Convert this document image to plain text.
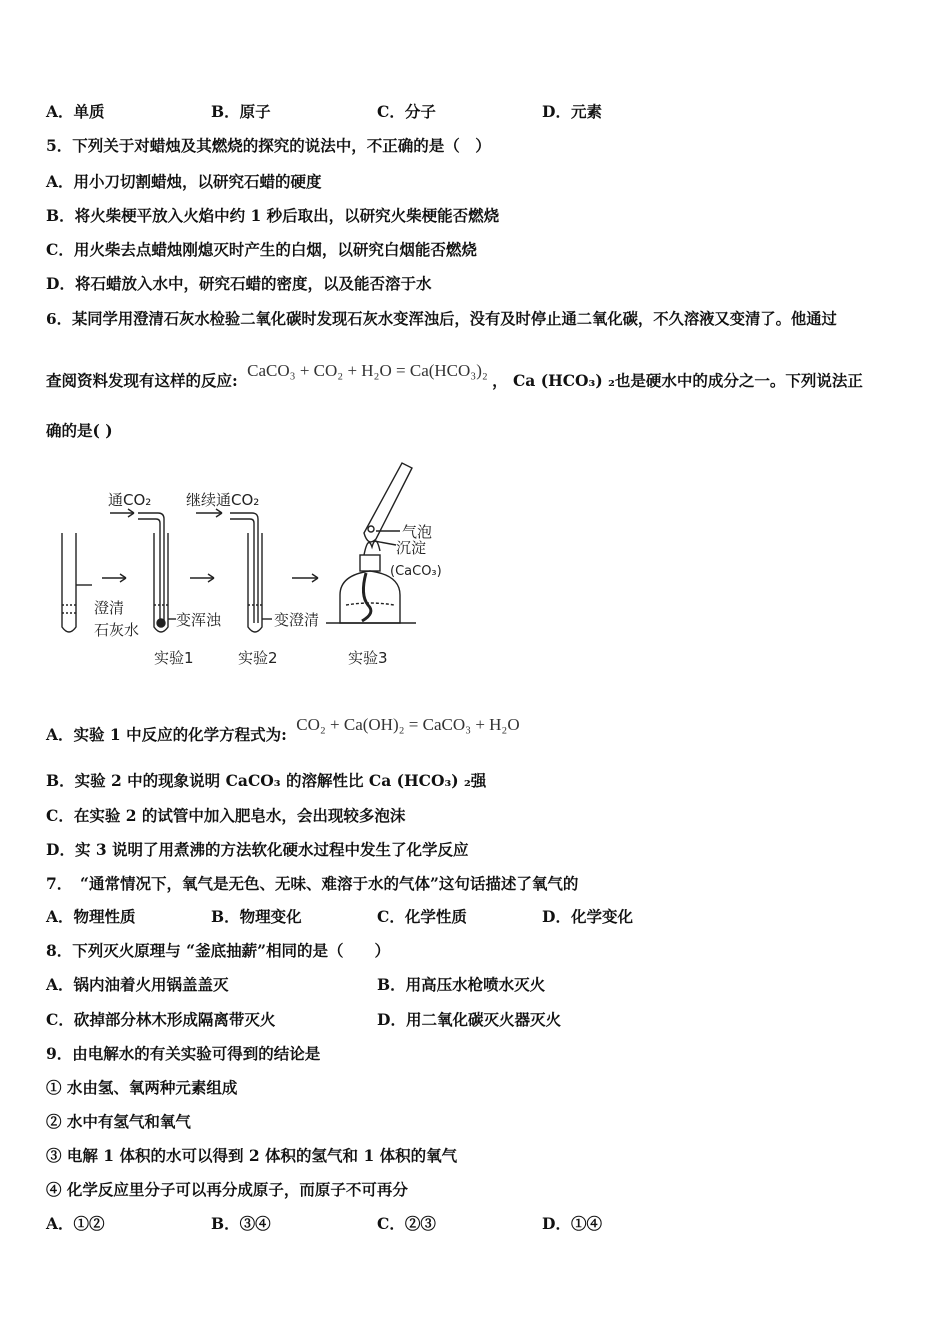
A．单质	B．原子	C．分子	D．元素
5．下列关于对蜡烛及其燃烧的探究的说法中，不正确的是（　）
A．用小刀切割蜡烛，以研究石蜡的硬度
B．将火柴梗平放入火焰中约 1 秒后取出，以研究火柴梗能否燃烧
C．用火柴去点蜡烛刚熄灭时产生的白烟，以研究白烟能否燃烧
D．将石蜡放入水中，研究石蜡的密度，以及能否溶于水
6．某同学用澄清石灰水检验二氧化碳时发现石灰水变浑浊后，没有及时停止通二氧化碳，不久溶液又变清了。他通过
查阅资料发现有这样的反应: CaCO₃ + CO₂ + H₂O = Ca(HCO₃)₂ ， Ca (HCO₃) ₂也是硬水中的成分之一。下列说法正
确的是( )
通CO₂ 继续通CO₂
澄清
石灰水
变浑浊	变澄清
气泡
沉淀
(CaCO₃)
实验1	实验2	实验3
A．实验 1 中反应的化学方程式为: CO₂ + Ca(OH)₂ = CaCO₃ + H₂O
B．实验 2 中的现象说明 CaCO₃ 的溶解性比 Ca (HCO₃) ₂强
C．在实验 2 的试管中加入肥皂水，会出现较多泡沫
D．实 3 说明了用煮沸的方法软化硬水过程中发生了化学反应
7．　“通常情况下，氧气是无色、无味、难溶于水的气体”这句话描述了氧气的
A．物理性质	B．物理变化	C．化学性质	D．化学变化
8．下列灭火原理与 “釜底抽薪”相同的是（　　）
A．锅内油着火用锅盖盖灭	B．用高压水枪喷水灭火
C．砍掉部分林木形成隔离带灭火	D．用二氧化碳灭火器灭火
9．由电解水的有关实验可得到的结论是
① 水由氢、氧两种元素组成
② 水中有氢气和氧气
③ 电解 1 体积的水可以得到 2 体积的氢气和 1 体积的氧气
④ 化学反应里分子可以再分成原子，而原子不可再分
A．①②	B．③④	C．②③	D．①④
